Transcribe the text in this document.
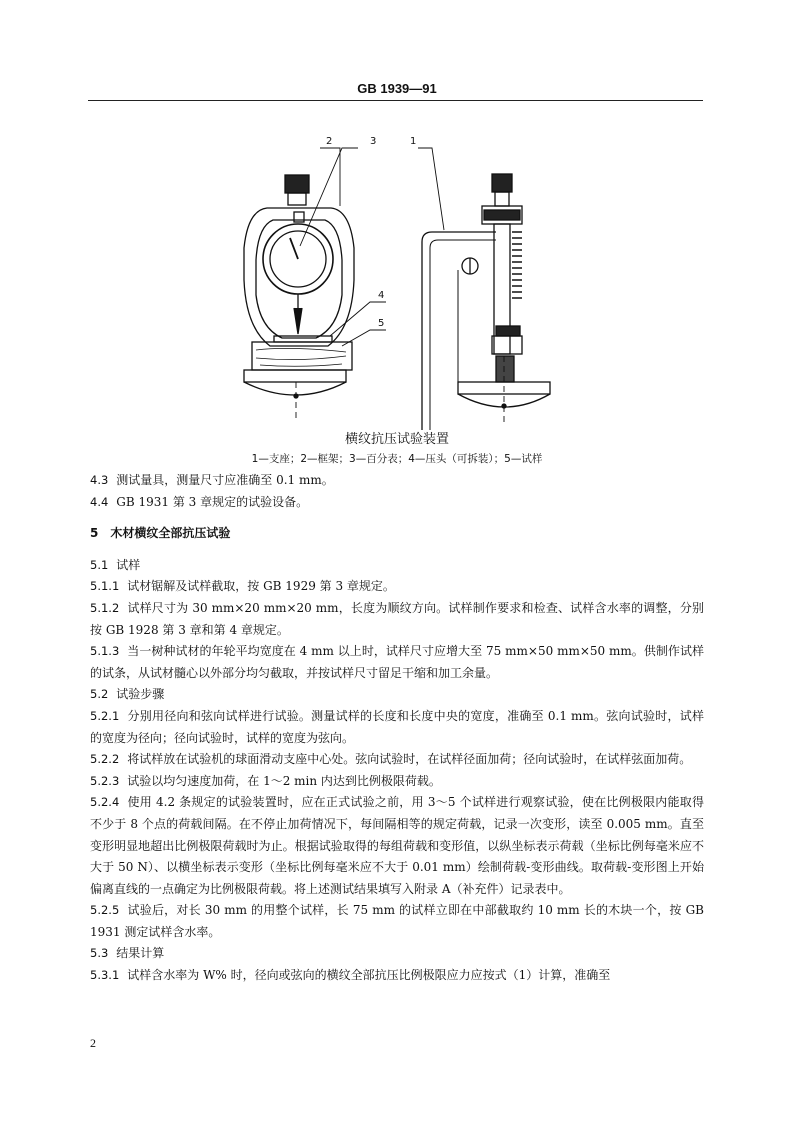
GB 1939—91
2	3	1
4
5
横纹抗压试验装置
1—支座；2—框架；3—百分表；4—压头（可拆装）；5—试样

4.3 测试量具，测量尺寸应准确至 0.1 mm。

4.4 GB 1931 第 3 章规定的试验设备。

5 木材横纹全部抗压试验

5.1 试样

5.1.1 试材锯解及试样截取，按 GB 1929 第 3 章规定。

5.1.2 试样尺寸为 30 mm×20 mm×20 mm，长度为顺纹方向。试样制作要求和检查、试样含水率的调整，分别按 GB 1928 第 3 章和第 4 章规定。

5.1.3 当一树种试材的年轮平均宽度在 4 mm 以上时，试样尺寸应增大至 75 mm×50 mm×50 mm。供制作试样的试条，从试材髓心以外部分均匀截取，并按试样尺寸留足干缩和加工余量。

5.2 试验步骤

5.2.1 分别用径向和弦向试样进行试验。测量试样的长度和长度中央的宽度，准确至 0.1 mm。弦向试验时，试样的宽度为径向；径向试验时，试样的宽度为弦向。

5.2.2 将试样放在试验机的球面滑动支座中心处。弦向试验时，在试样径面加荷；径向试验时，在试样弦面加荷。

5.2.3 试验以均匀速度加荷，在 1～2 min 内达到比例极限荷载。

5.2.4 使用 4.2 条规定的试验装置时，应在正式试验之前，用 3～5 个试样进行观察试验，使在比例极限内能取得不少于 8 个点的荷载间隔。在不停止加荷情况下，每间隔相等的规定荷载，记录一次变形，读至 0.005 mm。直至变形明显地超出比例极限荷载时为止。根据试验取得的每组荷载和变形值，以纵坐标表示荷载（坐标比例每毫米应不大于 50 N）、以横坐标表示变形（坐标比例每毫米应不大于 0.01 mm）绘制荷载-变形曲线。取荷载-变形图上开始偏离直线的一点确定为比例极限荷载。将上述测试结果填写入附录 A（补充件）记录表中。

5.2.5 试验后，对长 30 mm 的用整个试样，长 75 mm 的试样立即在中部截取约 10 mm 长的木块一个，按 GB 1931 测定试样含水率。

5.3 结果计算

5.3.1 试样含水率为 W% 时，径向或弦向的横纹全部抗压比例极限应力应按式（1）计算，准确至

2
